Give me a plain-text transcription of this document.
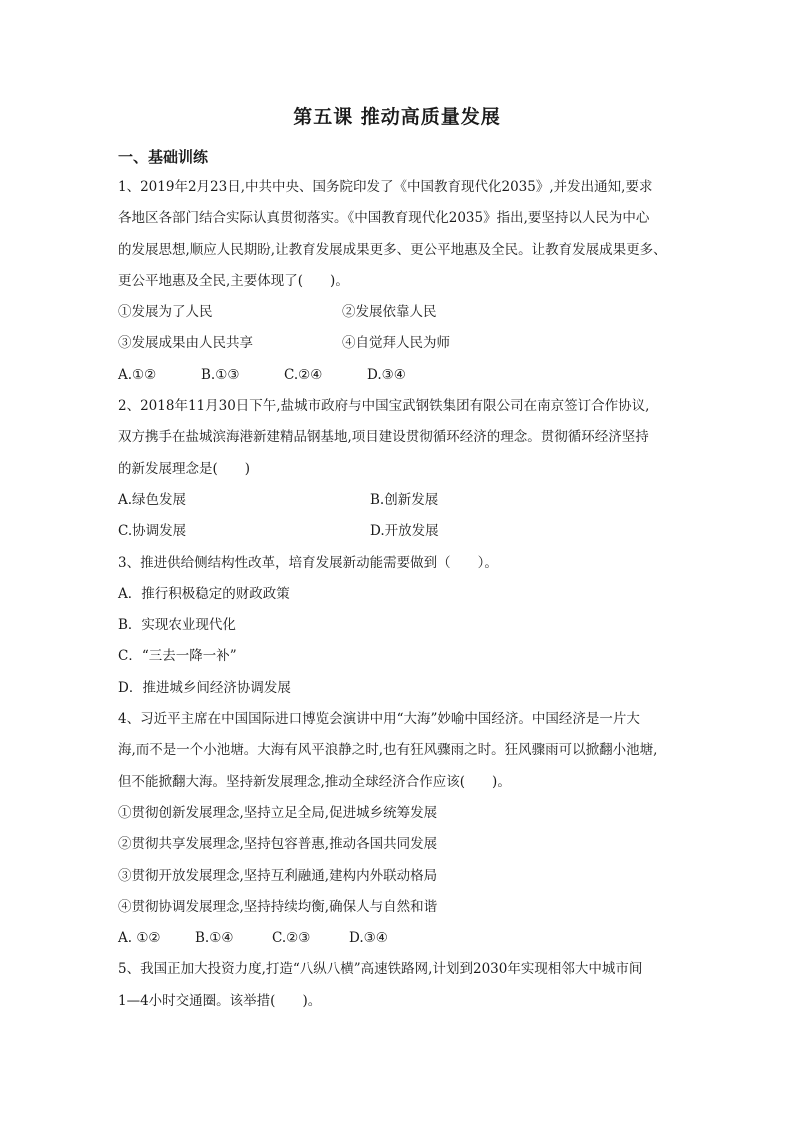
第五课 推动高质量发展
一、基础训练

1、2019年2月23日,中共中央、国务院印发了《中国教育现代化2035》,并发出通知,要求

各地区各部门结合实际认真贯彻落实。《中国教育现代化2035》指出,要坚持以人民为中心

的发展思想,顺应人民期盼,让教育发展成果更多、更公平地惠及全民。让教育发展成果更多、

更公平地惠及全民,主要体现了(　　)。

①发展为了人民	②发展依靠人民
③发展成果由人民共享	④自觉拜人民为师
A.①②	B.①③	C.②④	D.③④

2、2018年11月30日下午,盐城市政府与中国宝武钢铁集团有限公司在南京签订合作协议,

双方携手在盐城滨海港新建精品钢基地,项目建设贯彻循环经济的理念。贯彻循环经济坚持

的新发展理念是(　　)

A.绿色发展	B.创新发展
C.协调发展	D.开放发展

3、推进供给侧结构性改革，培育发展新动能需要做到（　　）。

A．推行积极稳定的财政政策

B．实现农业现代化

C．“三去一降一补”

D．推进城乡间经济协调发展

4、习近平主席在中国国际进口博览会演讲中用“大海”妙喻中国经济。中国经济是一片大

海,而不是一个小池塘。大海有风平浪静之时,也有狂风骤雨之时。狂风骤雨可以掀翻小池塘,

但不能掀翻大海。坚持新发展理念,推动全球经济合作应该(　　)。

①贯彻创新发展理念,坚持立足全局,促进城乡统筹发展

②贯彻共享发展理念,坚持包容普惠,推动各国共同发展

③贯彻开放发展理念,坚持互利融通,建构内外联动格局

④贯彻协调发展理念,坚持持续均衡,确保人与自然和谐

A. ①②	B.①④	C.②③	D.③④

5、我国正加大投资力度,打造“八纵八横”高速铁路网,计划到2030年实现相邻大中城市间

1—4小时交通圈。该举措(　　)。
